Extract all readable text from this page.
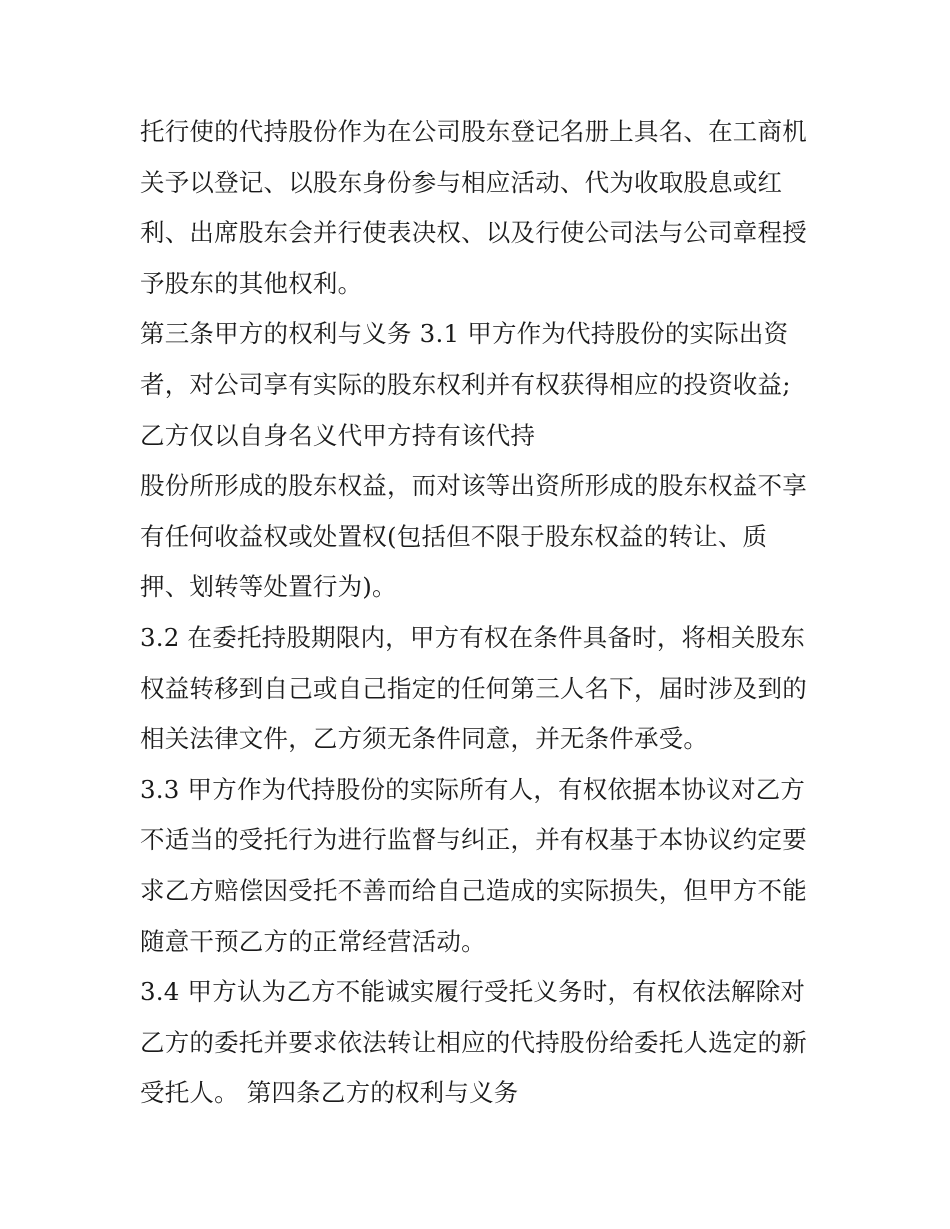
托行使的代持股份作为在公司股东登记名册上具名、在工商机
关予以登记、以股东身份参与相应活动、代为收取股息或红
利、出席股东会并行使表决权、以及行使公司法与公司章程授
予股东的其他权利。
第三条甲方的权利与义务 3.1 甲方作为代持股份的实际出资
者，对公司享有实际的股东权利并有权获得相应的投资收益;
乙方仅以自身名义代甲方持有该代持
股份所形成的股东权益，而对该等出资所形成的股东权益不享
有任何收益权或处置权(包括但不限于股东权益的转让、质
押、划转等处置行为)。
3.2 在委托持股期限内，甲方有权在条件具备时，将相关股东
权益转移到自己或自己指定的任何第三人名下，届时涉及到的
相关法律文件，乙方须无条件同意，并无条件承受。
3.3 甲方作为代持股份的实际所有人，有权依据本协议对乙方
不适当的受托行为进行监督与纠正，并有权基于本协议约定要
求乙方赔偿因受托不善而给自己造成的实际损失，但甲方不能
随意干预乙方的正常经营活动。
3.4 甲方认为乙方不能诚实履行受托义务时，有权依法解除对
乙方的委托并要求依法转让相应的代持股份给委托人选定的新
受托人。 第四条乙方的权利与义务
